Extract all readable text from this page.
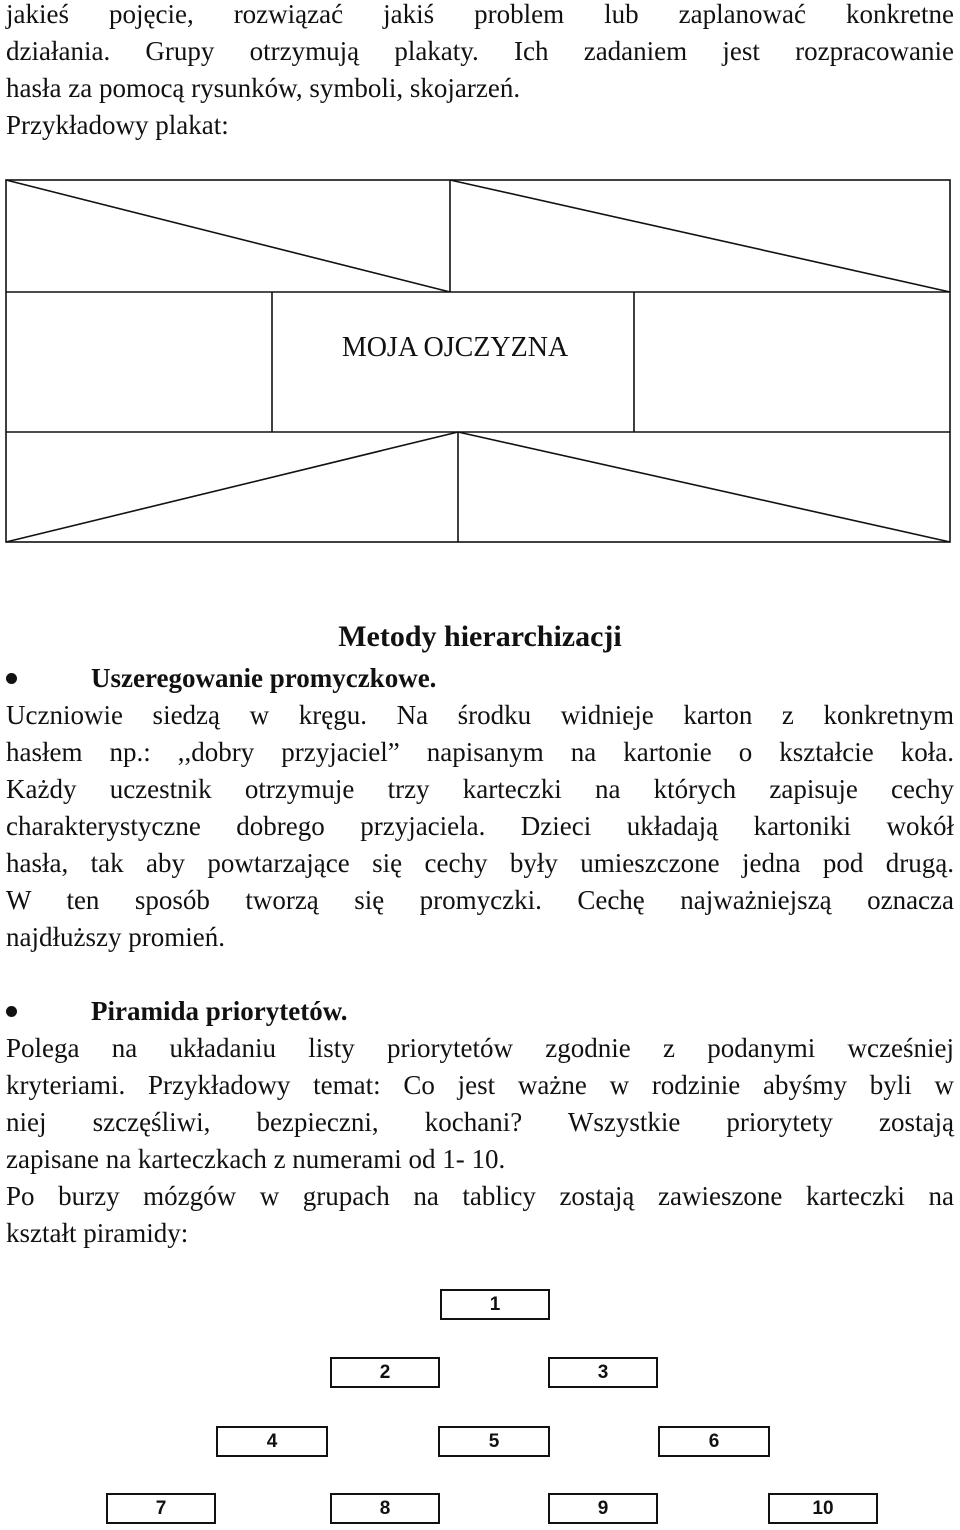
jakieś pojęcie, rozwiązać jakiś problem lub zaplanować konkretne
działania. Grupy otrzymują plakaty. Ich zadaniem jest rozpracowanie
hasła za pomocą rysunków, symboli, skojarzeń.
Przykładowy plakat:
MOJA OJCZYZNA
Metody hierarchizacji
Uszeregowanie promyczkowe.
Uczniowie siedzą w kręgu. Na środku widnieje karton z konkretnym
hasłem np.: ,,dobry przyjaciel” napisanym na kartonie o kształcie koła.
Każdy uczestnik otrzymuje trzy karteczki na których zapisuje cechy
charakterystyczne dobrego przyjaciela. Dzieci układają kartoniki wokół
hasła, tak aby powtarzające się cechy były umieszczone jedna pod drugą.
W ten sposób tworzą się promyczki. Cechę najważniejszą oznacza
najdłuższy promień.
Piramida priorytetów.
Polega na układaniu listy priorytetów zgodnie z podanymi wcześniej
kryteriami. Przykładowy temat: Co jest ważne w rodzinie abyśmy byli w
niej szczęśliwi, bezpieczni, kochani? Wszystkie priorytety zostają
zapisane na karteczkach z numerami od 1- 10.
Po burzy mózgów w grupach na tablicy zostają zawieszone karteczki na
kształt piramidy:
1
2	3
4	5	6
7	8	9	10
